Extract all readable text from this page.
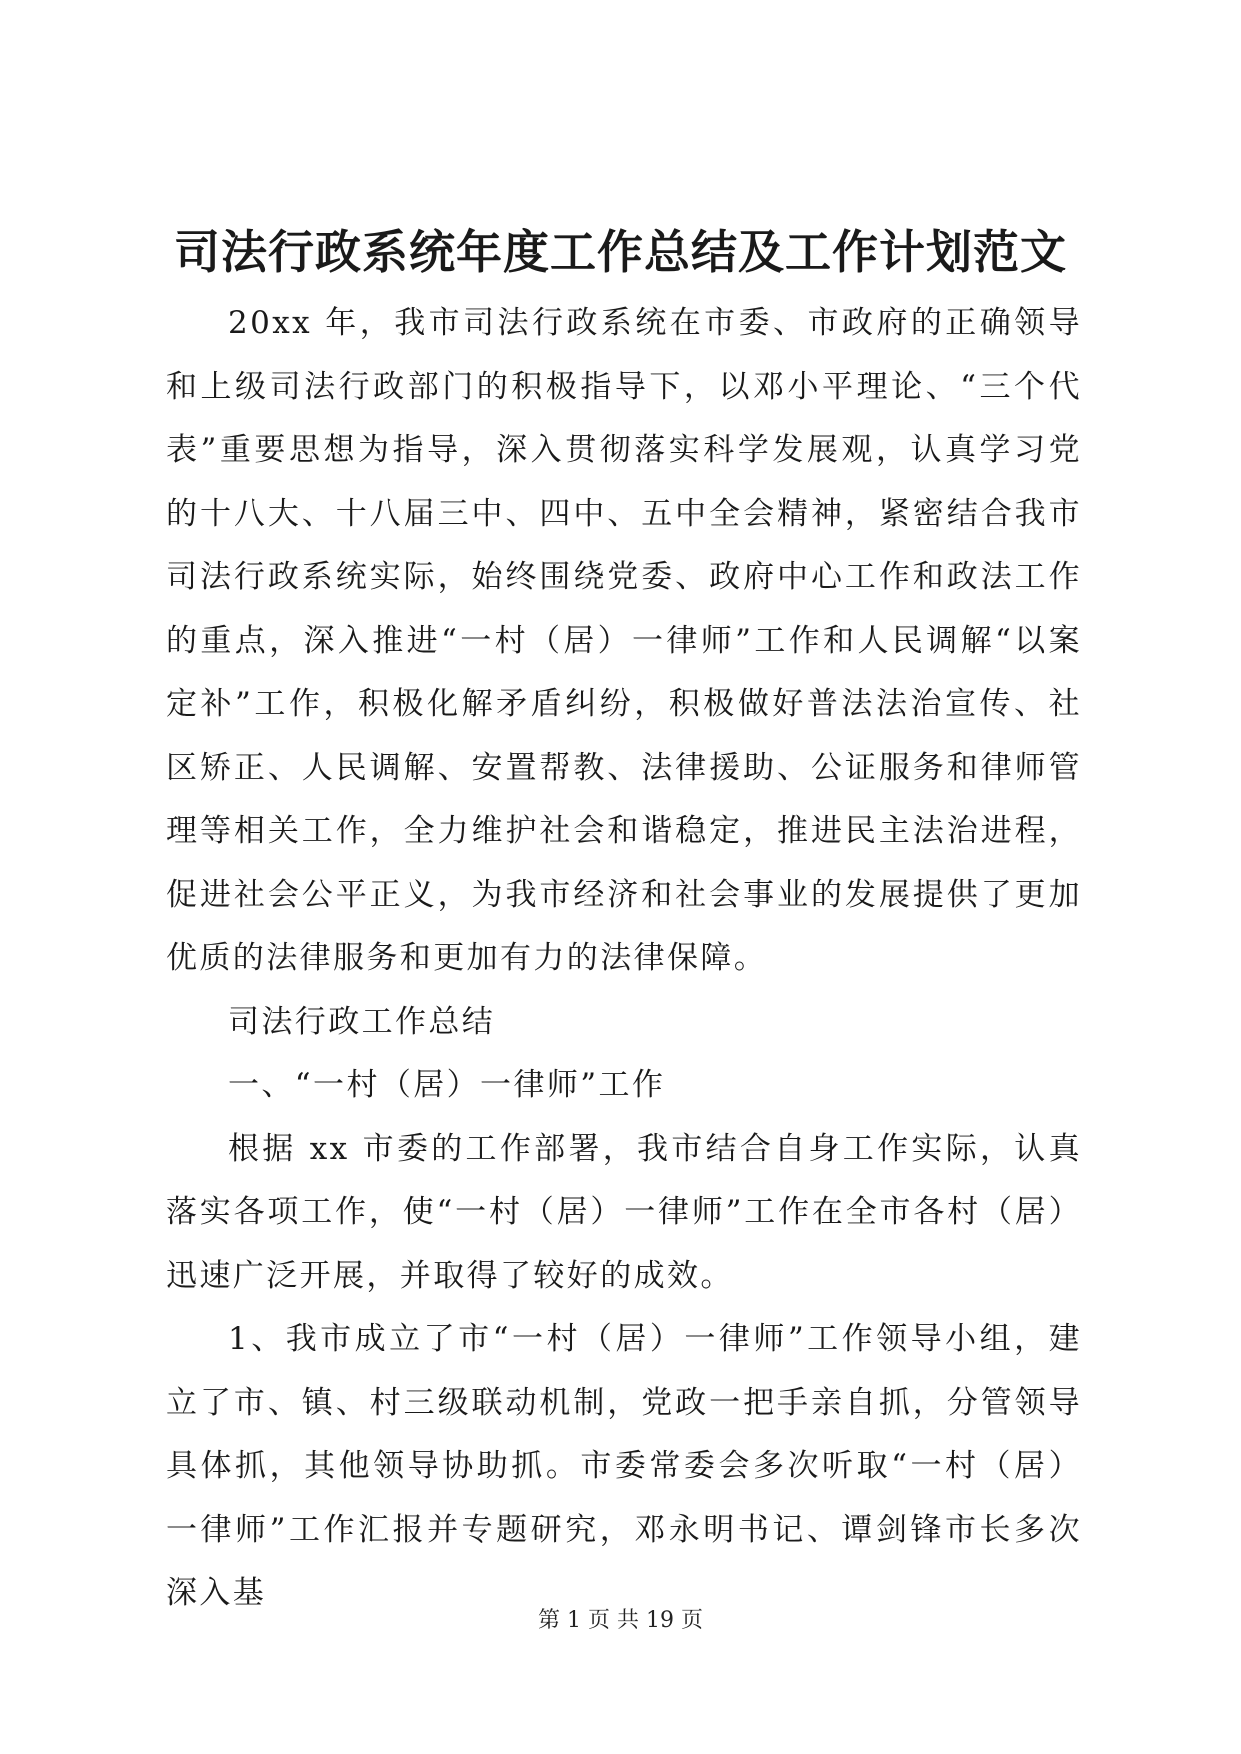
司法行政系统年度工作总结及工作计划范文

20xx 年，我市司法行政系统在市委、市政府的正确领导和上级司法行政部门的积极指导下，以邓小平理论、“三个代表”重要思想为指导，深入贯彻落实科学发展观，认真学习党的十八大、十八届三中、四中、五中全会精神，紧密结合我市司法行政系统实际，始终围绕党委、政府中心工作和政法工作的重点，深入推进“一村（居）一律师”工作和人民调解“以案定补”工作，积极化解矛盾纠纷，积极做好普法法治宣传、社区矫正、人民调解、安置帮教、法律援助、公证服务和律师管理等相关工作，全力维护社会和谐稳定，推进民主法治进程，促进社会公平正义，为我市经济和社会事业的发展提供了更加优质的法律服务和更加有力的法律保障。

司法行政工作总结

一、“一村（居）一律师”工作

根据 xx 市委的工作部署，我市结合自身工作实际，认真落实各项工作，使“一村（居）一律师”工作在全市各村（居）迅速广泛开展，并取得了较好的成效。

1、我市成立了市“一村（居）一律师”工作领导小组，建立了市、镇、村三级联动机制，党政一把手亲自抓，分管领导具体抓，其他领导协助抓。市委常委会多次听取“一村（居）一律师”工作汇报并专题研究，邓永明书记、谭剑锋市长多次深入基

第 1 页 共 19 页
